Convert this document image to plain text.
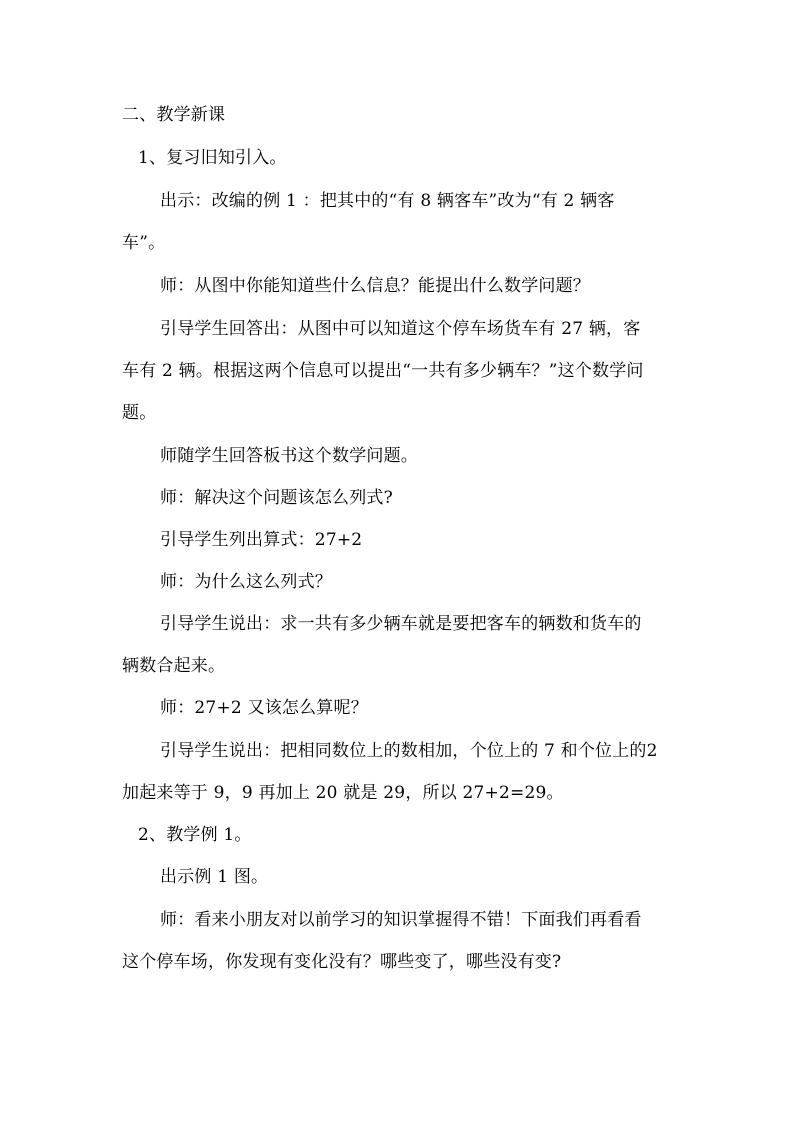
二、教学新课
1、复习旧知引入。
出示：改编的例 1 ：把其中的“有 8 辆客车”改为“有 2 辆客
车”。
师：从图中你能知道些什么信息？能提出什么数学问题？
引导学生回答出：从图中可以知道这个停车场货车有 27 辆，客
车有 2 辆。根据这两个信息可以提出“一共有多少辆车？”这个数学问
题。
师随学生回答板书这个数学问题。
师：解决这个问题该怎么列式?
引导学生列出算式：27+2
师：为什么这么列式？
引导学生说出：求一共有多少辆车就是要把客车的辆数和货车的
辆数合起来。
师：27+2 又该怎么算呢？
引导学生说出：把相同数位上的数相加，个位上的 7 和个位上的2
加起来等于 9，9 再加上 20 就是 29，所以 27+2=29。
2、教学例 1。
出示例 1 图。
师：看来小朋友对以前学习的知识掌握得不错！下面我们再看看
这个停车场，你发现有变化没有？哪些变了，哪些没有变?
